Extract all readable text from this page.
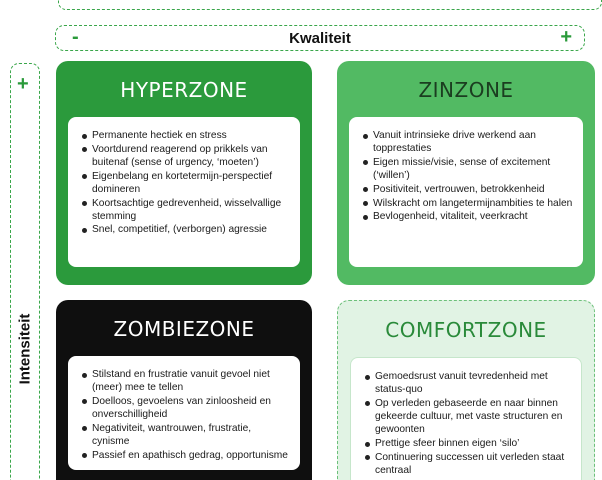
-	Kwaliteit	+
+
Intensiteit
HYPERZONE
Permanente hectiek en stress
Voortdurend reagerend op prikkels van buitenaf (sense of urgency, ‘moeten’)
Eigenbelang en kortetermijn-perspectief domineren
Koortsachtige gedrevenheid, wisselvallige stemming
Snel, competitief, (verborgen) agressie
ZINZONE
Vanuit intrinsieke drive werkend aan topprestaties
Eigen missie/visie, sense of excitement (‘willen’)
Positiviteit, vertrouwen, betrokkenheid
Wilskracht om langetermijnambities te halen
Bevlogenheid, vitaliteit, veerkracht
ZOMBIEZONE
Stilstand en frustratie vanuit gevoel niet (meer) mee te tellen
Doelloos, gevoelens van zinloosheid en onverschilligheid
Negativiteit, wantrouwen, frustratie, cynisme
Passief en apathisch gedrag, opportunisme
COMFORTZONE
Gemoedsrust vanuit tevredenheid met status-quo
Op verleden gebaseerde en naar binnen gekeerde cultuur, met vaste structuren en gewoonten
Prettige sfeer binnen eigen ‘silo’
Continuering successen uit verleden staat centraal
